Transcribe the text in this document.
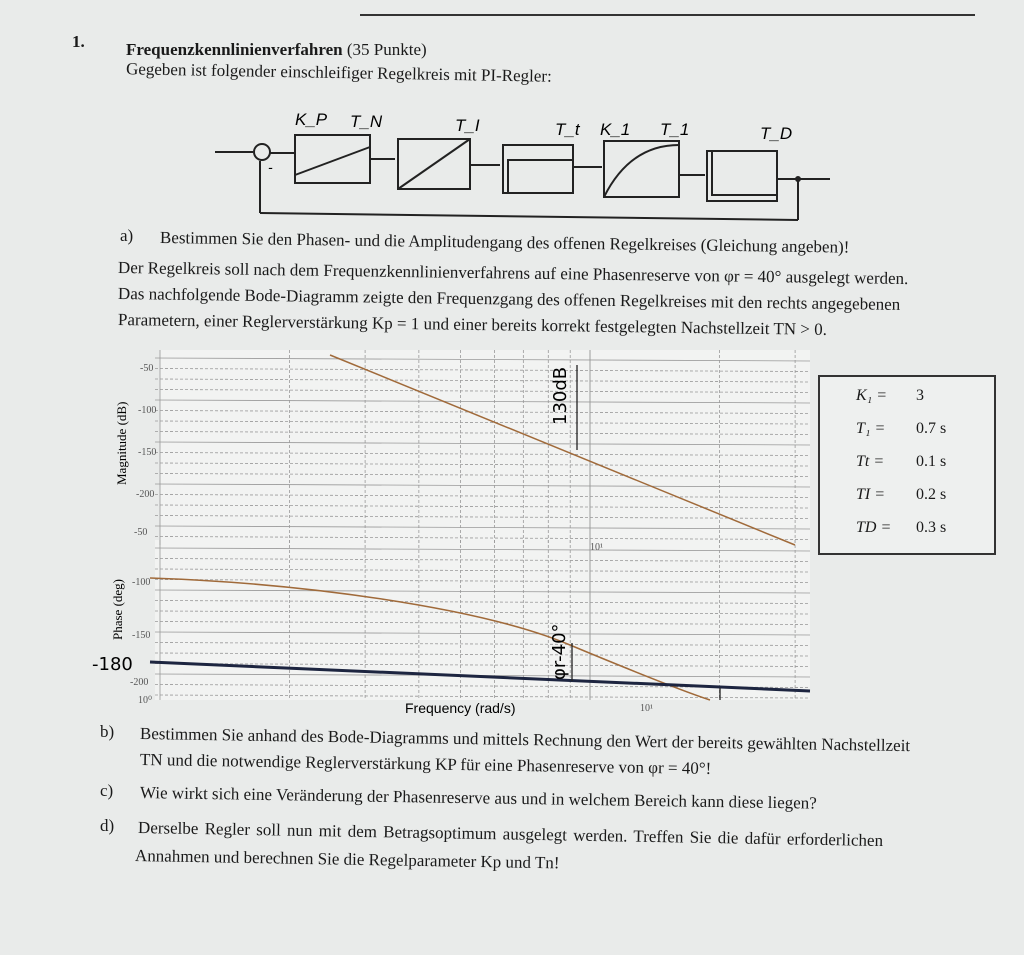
1. Frequenzkennlinienverfahren (35 Punkte)
Gegeben ist folgender einschleifiger Regelkreis mit PI-Regler:
K_P T_N	T_I	T_t K_1 T_1	T_D
-
a) Bestimmen Sie den Phasen- und die Amplitudengang des offenen Regelkreises (Gleichung angeben)!
Der Regelkreis soll nach dem Frequenzkennlinienverfahrens auf eine Phasenreserve von φr = 40° ausgelegt werden.
Das nachfolgende Bode-Diagramm zeigte den Frequenzgang des offenen Regelkreises mit den rechts angegebenen
Parametern, einer Reglerverstärkung Kp = 1 und einer bereits korrekt festgelegten Nachstellzeit TN > 0.
-50
-100
-150
-200
-50
-100
-150
-200
10⁰
10¹
10¹
Magnitude (dB)
Phase (deg)
Frequency (rad/s)
130dB
-180	φr-40°
K₁ = 3
T₁ = 0.7 s
Tt = 0.1 s
TI = 0.2 s
TD = 0.3 s
b) Bestimmen Sie anhand des Bode-Diagramms und mittels Rechnung den Wert der bereits gewählten Nachstellzeit
TN und die notwendige Reglerverstärkung KP für eine Phasenreserve von φr = 40°!
c) Wie wirkt sich eine Veränderung der Phasenreserve aus und in welchem Bereich kann diese liegen?
d) Derselbe Regler soll nun mit dem Betragsoptimum ausgelegt werden. Treffen Sie die dafür erforderlichen
Annahmen und berechnen Sie die Regelparameter Kp und Tn!
